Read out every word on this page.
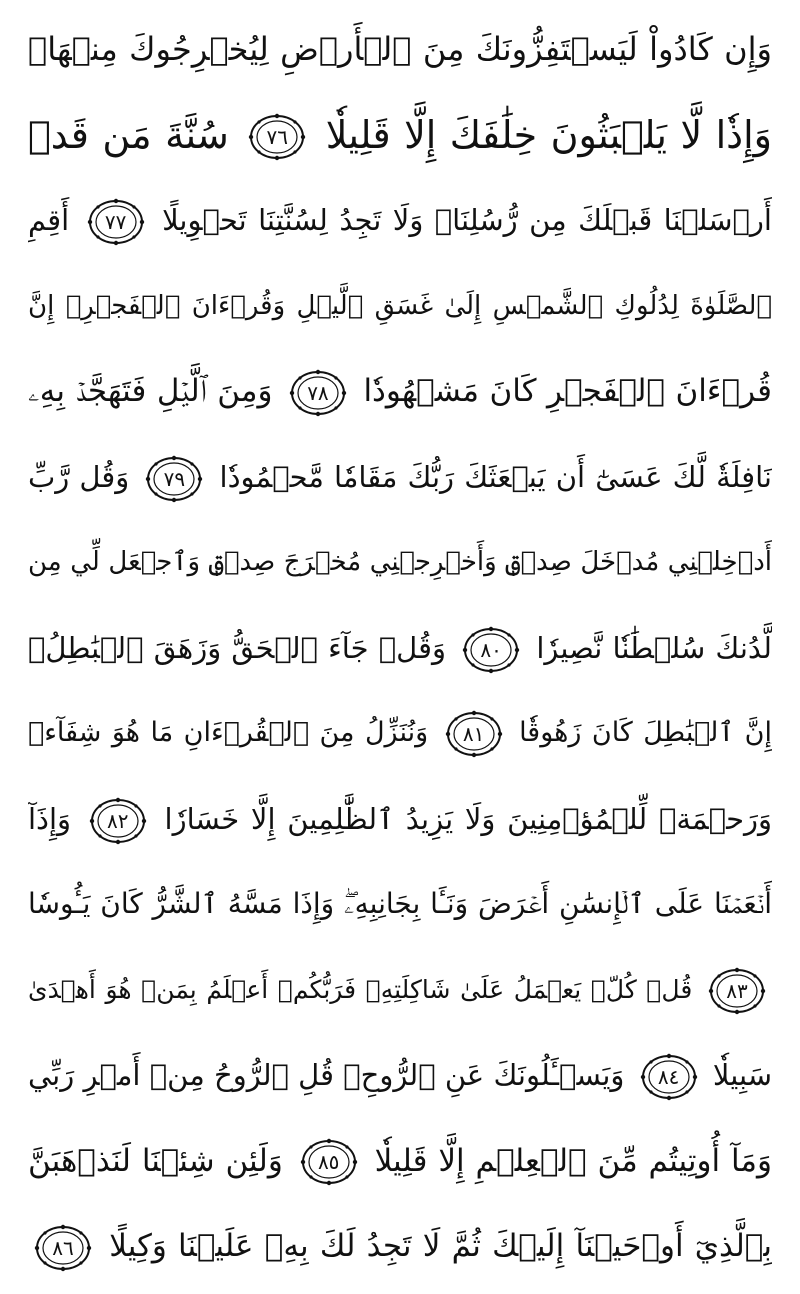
وَإِن كَادُواْ لَيَسۡتَفِزُّونَكَ مِنَ ٱلۡأَرۡضِ لِيُخۡرِجُوكَ مِنۡهَاۖ
وَإِذٗا لَّا يَلۡبَثُونَ خِلَٰفَكَ إِلَّا قَلِيلٗا
٧٦
سُنَّةَ مَن قَدۡ
أَرۡسَلۡنَا قَبۡلَكَ مِن رُّسُلِنَاۖ وَلَا تَجِدُ لِسُنَّتِنَا تَحۡوِيلًا
٧٧
أَقِمِ
ٱلصَّلَوٰةَ لِدُلُوكِ ٱلشَّمۡسِ إِلَىٰ غَسَقِ ٱلَّيۡلِ وَقُرۡءَانَ ٱلۡفَجۡرِۖ إِنَّ
قُرۡءَانَ ٱلۡفَجۡرِ كَانَ مَشۡهُودٗا
٧٨
وَمِنَ ٱلَّيۡلِ فَتَهَجَّدۡ بِهِۦ
نَافِلَةٗ لَّكَ عَسَىٰٓ أَن يَبۡعَثَكَ رَبُّكَ مَقَامٗا مَّحۡمُودٗا
٧٩
وَقُل رَّبِّ
أَدۡخِلۡنِي مُدۡخَلَ صِدۡقٖ وَأَخۡرِجۡنِي مُخۡرَجَ صِدۡقٖ وَٱجۡعَل لِّي مِن
لَّدُنكَ سُلۡطَٰنٗا نَّصِيرٗا
٨٠
وَقُلۡ جَآءَ ٱلۡحَقُّ وَزَهَقَ ٱلۡبَٰطِلُۚ
إِنَّ ٱلۡبَٰطِلَ كَانَ زَهُوقٗا
٨١
وَنُنَزِّلُ مِنَ ٱلۡقُرۡءَانِ مَا هُوَ شِفَآءٞ
وَرَحۡمَةٞ لِّلۡمُؤۡمِنِينَ وَلَا يَزِيدُ ٱلظَّٰلِمِينَ إِلَّا خَسَارٗا
٨٢
وَإِذَآ
أَنۡعَمۡنَا عَلَى ٱلۡإِنسَٰنِ أَعۡرَضَ وَنَـَٔا بِجَانِبِهِۦۖ وَإِذَا مَسَّهُ ٱلشَّرُّ كَانَ يَـُٔوسٗا
٨٣
قُلۡ كُلّٞ يَعۡمَلُ عَلَىٰ شَاكِلَتِهِۦ فَرَبُّكُمۡ أَعۡلَمُ بِمَنۡ هُوَ أَهۡدَىٰ
سَبِيلٗا
٨٤
وَيَسۡـَٔلُونَكَ عَنِ ٱلرُّوحِۖ قُلِ ٱلرُّوحُ مِنۡ أَمۡرِ رَبِّي
وَمَآ أُوتِيتُم مِّنَ ٱلۡعِلۡمِ إِلَّا قَلِيلٗا
٨٥
وَلَئِن شِئۡنَا لَنَذۡهَبَنَّ
بِٱلَّذِيٓ أَوۡحَيۡنَآ إِلَيۡكَ ثُمَّ لَا تَجِدُ لَكَ بِهِۦ عَلَيۡنَا وَكِيلًا
٨٦
